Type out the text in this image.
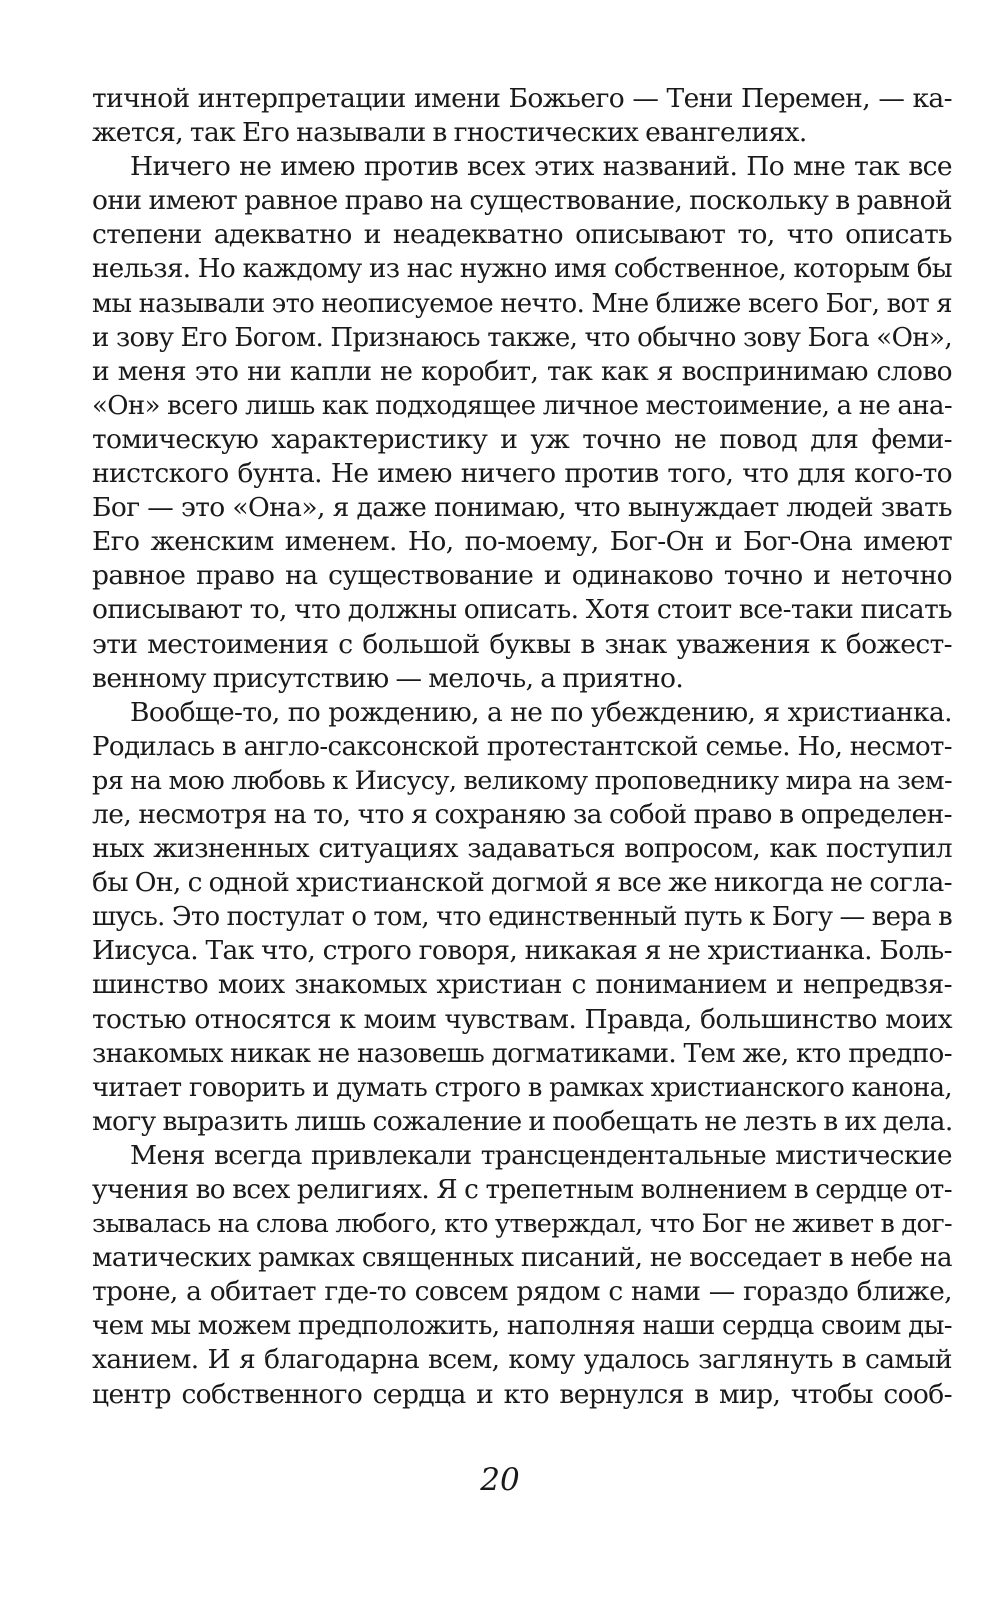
тичной интерпретации имени Божьего — Тени Перемен, — ка-
жется, так Его называли в гностических евангелиях.
Ничего не имею против всех этих названий. По мне так все
они имеют равное право на существование, поскольку в равной
степени адекватно и неадекватно описывают то, что описать
нельзя. Но каждому из нас нужно имя собственное, которым бы
мы называли это неописуемое нечто. Мне ближе всего Бог, вот я
и зову Его Богом. Признаюсь также, что обычно зову Бога «Он»,
и меня это ни капли не коробит, так как я воспринимаю слово
«Он» всего лишь как подходящее личное местоимение, а не ана-
томическую характеристику и уж точно не повод для феми-
нистского бунта. Не имею ничего против того, что для кого-то
Бог — это «Она», я даже понимаю, что вынуждает людей звать
Его женским именем. Но, по-моему, Бог-Он и Бог-Она имеют
равное право на существование и одинаково точно и неточно
описывают то, что должны описать. Хотя стоит все-таки писать
эти местоимения с большой буквы в знак уважения к божест-
венному присутствию — мелочь, а приятно.
Вообще-то, по рождению, а не по убеждению, я христианка.
Родилась в англо-саксонской протестантской семье. Но, несмот-
ря на мою любовь к Иисусу, великому проповеднику мира на зем-
ле, несмотря на то, что я сохраняю за собой право в определен-
ных жизненных ситуациях задаваться вопросом, как поступил
бы Он, с одной христианской догмой я все же никогда не согла-
шусь. Это постулат о том, что единственный путь к Богу — вера в
Иисуса. Так что, строго говоря, никакая я не христианка. Боль-
шинство моих знакомых христиан с пониманием и непредвзя-
тостью относятся к моим чувствам. Правда, большинство моих
знакомых никак не назовешь догматиками. Тем же, кто предпо-
читает говорить и думать строго в рамках христианского канона,
могу выразить лишь сожаление и пообещать не лезть в их дела.
Меня всегда привлекали трансцендентальные мистические
учения во всех религиях. Я с трепетным волнением в сердце от-
зывалась на слова любого, кто утверждал, что Бог не живет в дог-
матических рамках священных писаний, не восседает в небе на
троне, а обитает где-то совсем рядом с нами — гораздо ближе,
чем мы можем предположить, наполняя наши сердца своим ды-
ханием. И я благодарна всем, кому удалось заглянуть в самый
центр собственного сердца и кто вернулся в мир, чтобы сооб-
20
